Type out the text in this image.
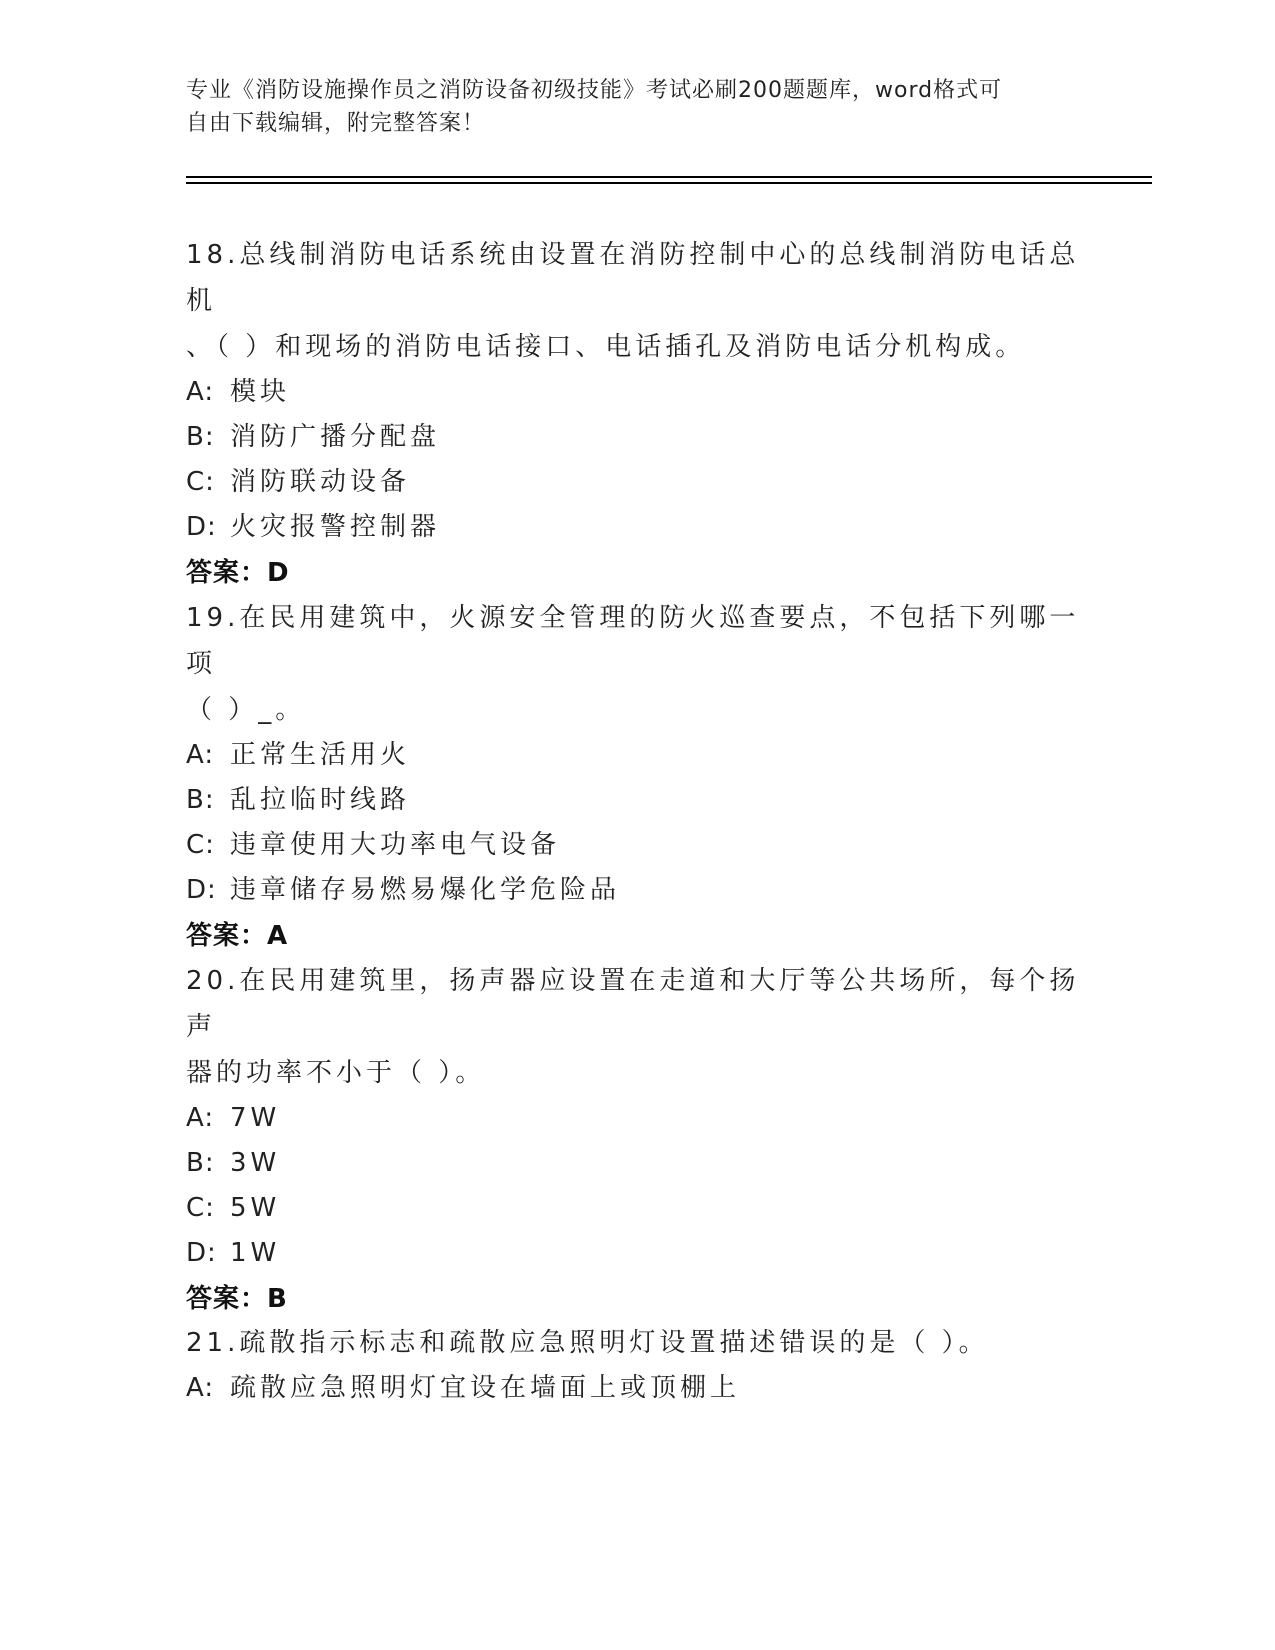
专业《消防设施操作员之消防设备初级技能》考试必刷200题题库，word格式可
自由下载编辑，附完整答案！

18.总线制消防电话系统由设置在消防控制中心的总线制消防电话总机

、（ ）和现场的消防电话接口、电话插孔及消防电话分机构成。

A: 模块

B: 消防广播分配盘

C: 消防联动设备

D: 火灾报警控制器

答案：D

19.在民用建筑中，火源安全管理的防火巡查要点，不包括下列哪一项

（ ）_。

A: 正常生活用火

B: 乱拉临时线路

C: 违章使用大功率电气设备

D: 违章储存易燃易爆化学危险品

答案：A

20.在民用建筑里，扬声器应设置在走道和大厅等公共场所，每个扬声

器的功率不小于（ ）。

A: 7W

B: 3W

C: 5W

D: 1W

答案：B

21.疏散指示标志和疏散应急照明灯设置描述错误的是（ ）。

A: 疏散应急照明灯宜设在墙面上或顶棚上
